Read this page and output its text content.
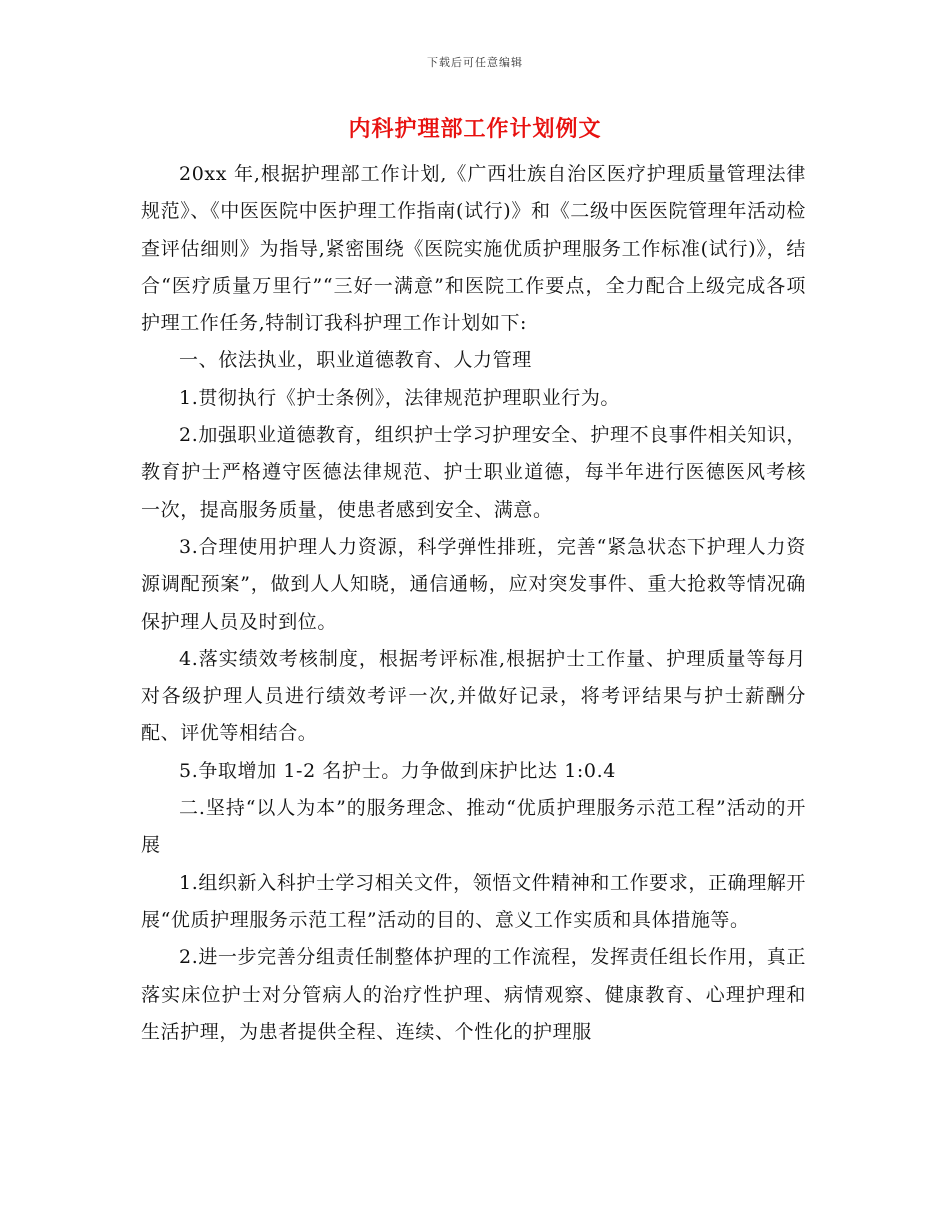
下载后可任意编辑
内科护理部工作计划例文

20xx 年,根据护理部工作计划,《广西壮族自治区医疗护理质量管理法律规范》、《中医医院中医护理工作指南(试行)》和《二级中医医院管理年活动检查评估细则》为指导,紧密围绕《医院实施优质护理服务工作标准(试行)》，结合“医疗质量万里行”“三好一满意”和医院工作要点，全力配合上级完成各项护理工作任务,特制订我科护理工作计划如下:

一、依法执业，职业道德教育、人力管理

1.贯彻执行《护士条例》，法律规范护理职业行为。

2.加强职业道德教育，组织护士学习护理安全、护理不良事件相关知识，教育护士严格遵守医德法律规范、护士职业道德，每半年进行医德医风考核一次，提高服务质量，使患者感到安全、满意。

3.合理使用护理人力资源，科学弹性排班，完善“紧急状态下护理人力资源调配预案”，做到人人知晓，通信通畅，应对突发事件、重大抢救等情况确保护理人员及时到位。

4.落实绩效考核制度，根据考评标准,根据护士工作量、护理质量等每月对各级护理人员进行绩效考评一次,并做好记录，将考评结果与护士薪酬分配、评优等相结合。

5.争取增加 1-2 名护士。力争做到床护比达 1:0.4

二.坚持“以人为本”的服务理念、推动“优质护理服务示范工程”活动的开展

1.组织新入科护士学习相关文件，领悟文件精神和工作要求，正确理解开展“优质护理服务示范工程”活动的目的、意义工作实质和具体措施等。

2.进一步完善分组责任制整体护理的工作流程，发挥责任组长作用，真正落实床位护士对分管病人的治疗性护理、病情观察、健康教育、心理护理和生活护理，为患者提供全程、连续、个性化的护理服
